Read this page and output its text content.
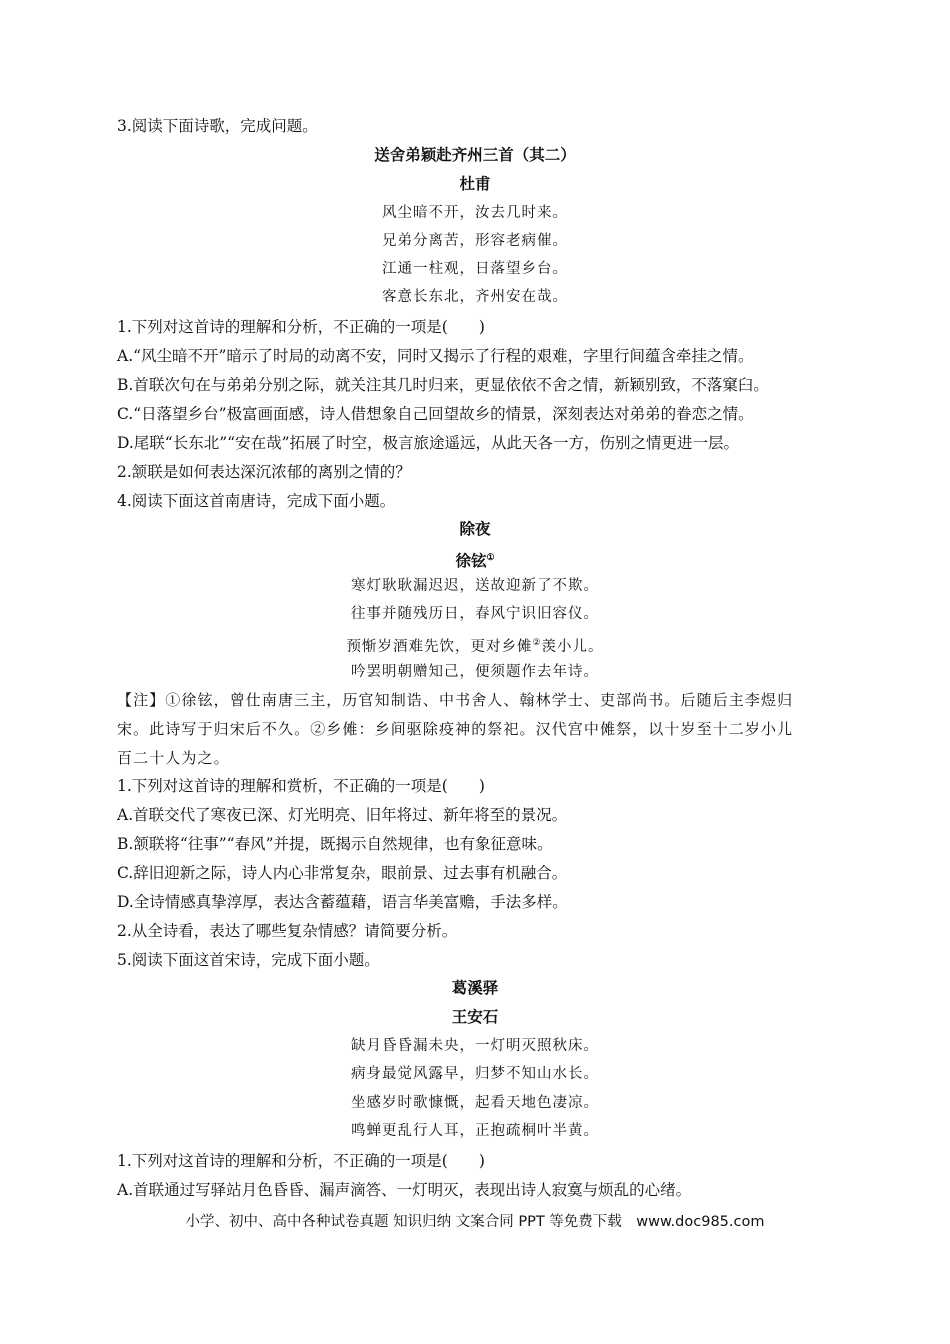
3.阅读下面诗歌，完成问题。
送舍弟颖赴齐州三首（其二）
杜甫
风尘暗不开，汝去几时来。
兄弟分离苦，形容老病催。
江通一柱观，日落望乡台。
客意长东北，齐州安在哉。
1.下列对这首诗的理解和分析，不正确的一项是(　　)
A.“风尘暗不开”暗示了时局的动离不安，同时又揭示了行程的艰难，字里行间蕴含牵挂之情。
B.首联次句在与弟弟分别之际，就关注其几时归来，更显依依不舍之情，新颖别致，不落窠臼。
C.“日落望乡台”极富画面感，诗人借想象自己回望故乡的情景，深刻表达对弟弟的眷恋之情。
D.尾联“长东北”“安在哉”拓展了时空，极言旅途遥远，从此天各一方，伤别之情更进一层。
2.颔联是如何表达深沉浓郁的离别之情的？
4.阅读下面这首南唐诗，完成下面小题。
除夜
徐铉①
寒灯耿耿漏迟迟，送故迎新了不欺。
往事并随残历日，春风宁识旧容仪。
预惭岁酒难先饮，更对乡傩②羡小儿。
吟罢明朝赠知己，便须题作去年诗。
【注】①徐铉，曾仕南唐三主，历官知制诰、中书舍人、翰林学士、吏部尚书。后随后主李煜归
宋。此诗写于归宋后不久。②乡傩：乡间驱除疫神的祭祀。汉代宫中傩祭，以十岁至十二岁小儿
百二十人为之。
1.下列对这首诗的理解和赏析，不正确的一项是(　　)
A.首联交代了寒夜已深、灯光明亮、旧年将过、新年将至的景况。
B.颔联将“往事”“春风”并提，既揭示自然规律，也有象征意味。
C.辞旧迎新之际，诗人内心非常复杂，眼前景、过去事有机融合。
D.全诗情感真挚淳厚，表达含蓄蕴藉，语言华美富赡，手法多样。
2.从全诗看，表达了哪些复杂情感？请简要分析。
5.阅读下面这首宋诗，完成下面小题。
葛溪驿
王安石
缺月昏昏漏未央，一灯明灭照秋床。
病身最觉风露早，归梦不知山水长。
坐感岁时歌慷慨，起看天地色凄凉。
鸣蝉更乱行人耳，正抱疏桐叶半黄。
1.下列对这首诗的理解和分析，不正确的一项是(　　)
A.首联通过写驿站月色昏昏、漏声滴答、一灯明灭，表现出诗人寂寞与烦乱的心绪。
小学、初中、高中各种试卷真题 知识归纳 文案合同 PPT 等免费下载　www.doc985.com
